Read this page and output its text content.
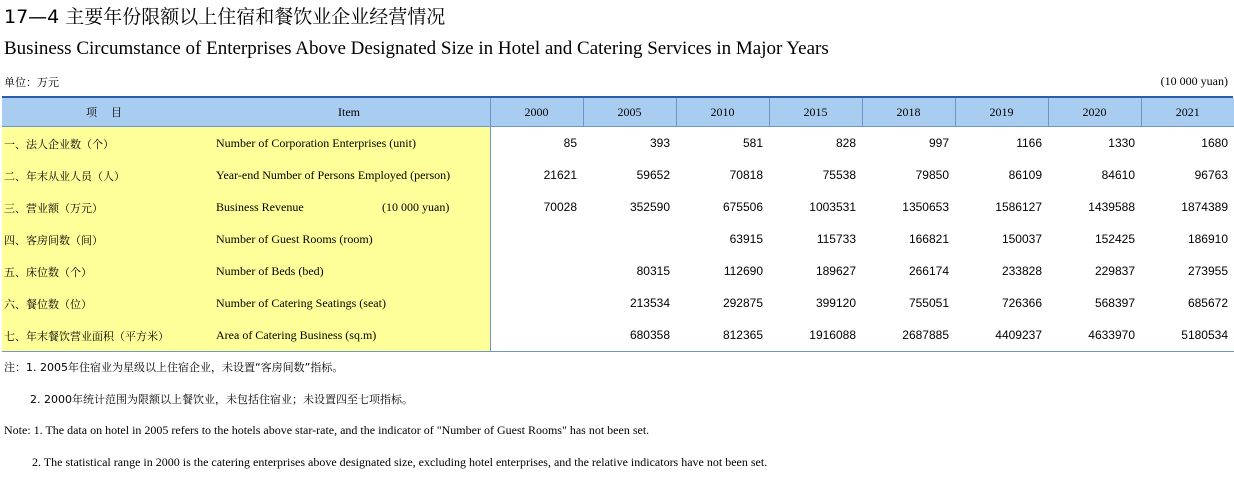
17—4 主要年份限额以上住宿和餐饮业企业经营情况
Business Circumstance of Enterprises Above Designated Size in Hotel and Catering Services in Major Years
单位：万元	(10 000 yuan)
项目 Item	2000	2005	2010	2015	2018	2019	2020	2021

一、法人企业数（个） Number of Corporation Enterprises (unit)	85	393	581	828	997	1166	1330	1680

二、年末从业人员（人） Year-end Number of Persons Employed (person)	21621	59652	70818	75538	79850	86109	84610	96763

三、营业额（万元） Business Revenue (10 000 yuan)	70028	352590	675506	1003531	1350653	1586127	1439588	1874389

四、客房间数（间） Number of Guest Rooms (room)			63915	115733	166821	150037	152425	186910

五、床位数（个） Number of Beds (bed)		80315	112690	189627	266174	233828	229837	273955

六、餐位数（位） Number of Catering Seatings (seat)		213534	292875	399120	755051	726366	568397	685672

七、年末餐饮营业面积（平方米） Area of Catering Business (sq.m)		680358	812365	1916088	2687885	4409237	4633970	5180534
注：1. 2005年住宿业为星级以上住宿企业，未设置“客房间数”指标。
2. 2000年统计范围为限额以上餐饮业，未包括住宿业；未设置四至七项指标。
Note: 1. The data on hotel in 2005 refers to the hotels above star-rate, and the indicator of "Number of Guest Rooms" has not been set.
2. The statistical range in 2000 is the catering enterprises above designated size, excluding hotel enterprises, and the relative indicators have not been set.
